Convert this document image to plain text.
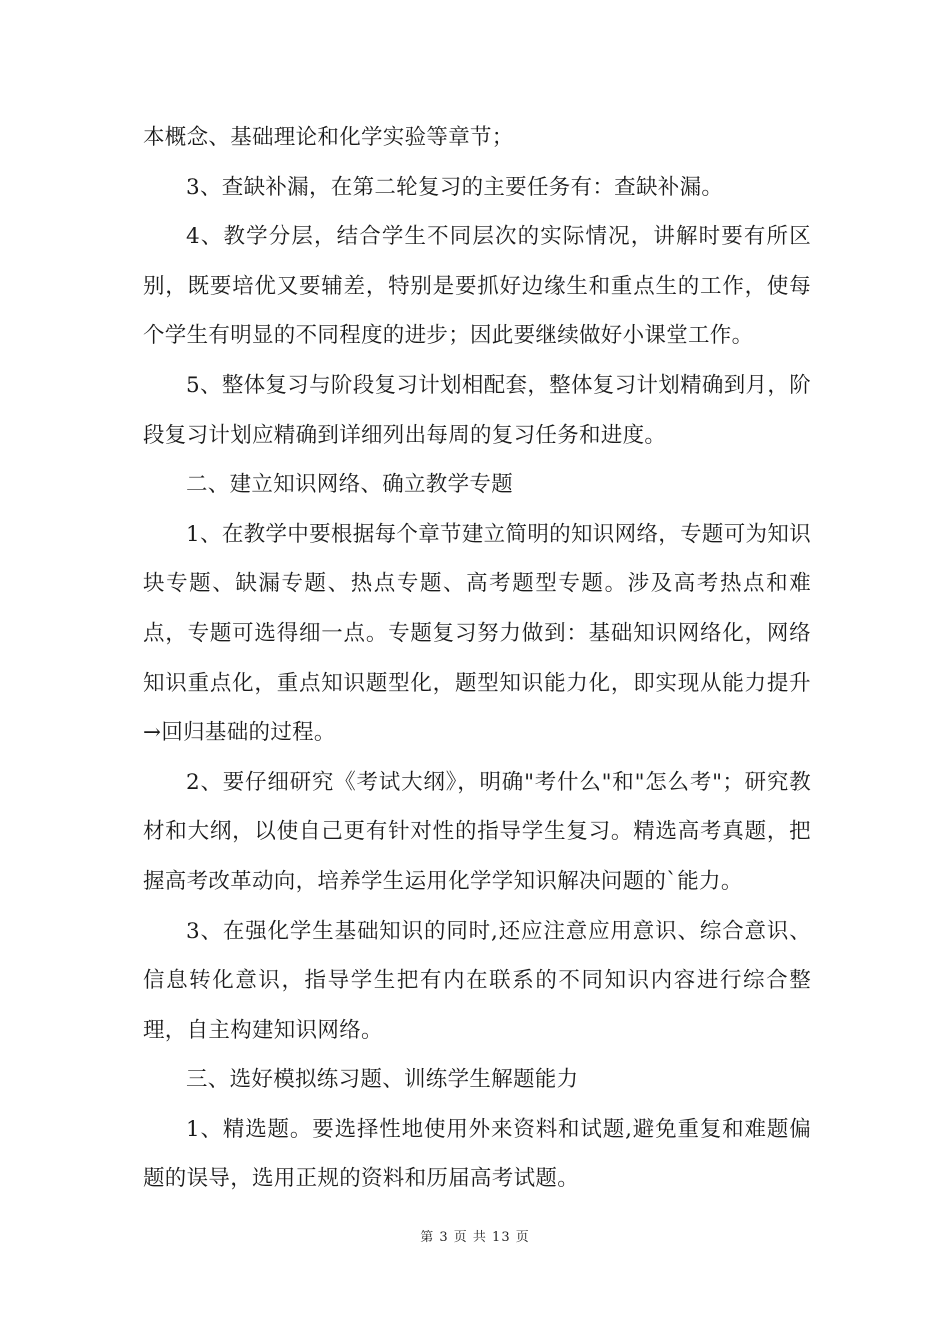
本概念、基础理论和化学实验等章节；

3、查缺补漏，在第二轮复习的主要任务有：查缺补漏。

4、教学分层，结合学生不同层次的实际情况，讲解时要有所区别，既要培优又要辅差，特别是要抓好边缘生和重点生的工作，使每个学生有明显的不同程度的进步；因此要继续做好小课堂工作。

5、整体复习与阶段复习计划相配套，整体复习计划精确到月，阶段复习计划应精确到详细列出每周的复习任务和进度。

二、建立知识网络、确立教学专题

1、在教学中要根据每个章节建立简明的知识网络，专题可为知识块专题、缺漏专题、热点专题、高考题型专题。涉及高考热点和难点，专题可选得细一点。专题复习努力做到：基础知识网络化，网络知识重点化，重点知识题型化，题型知识能力化，即实现从能力提升→回归基础的过程。

2、要仔细研究《考试大纲》，明确"考什么"和"怎么考"；研究教材和大纲，以使自己更有针对性的指导学生复习。精选高考真题，把握高考改革动向，培养学生运用化学学知识解决问题的`能力。

3、在强化学生基础知识的同时,还应注意应用意识、综合意识、信息转化意识，指导学生把有内在联系的不同知识内容进行综合整理，自主构建知识网络。

三、选好模拟练习题、训练学生解题能力

1、精选题。要选择性地使用外来资料和试题,避免重复和难题偏题的误导，选用正规的资料和历届高考试题。

第 3 页 共 13 页
